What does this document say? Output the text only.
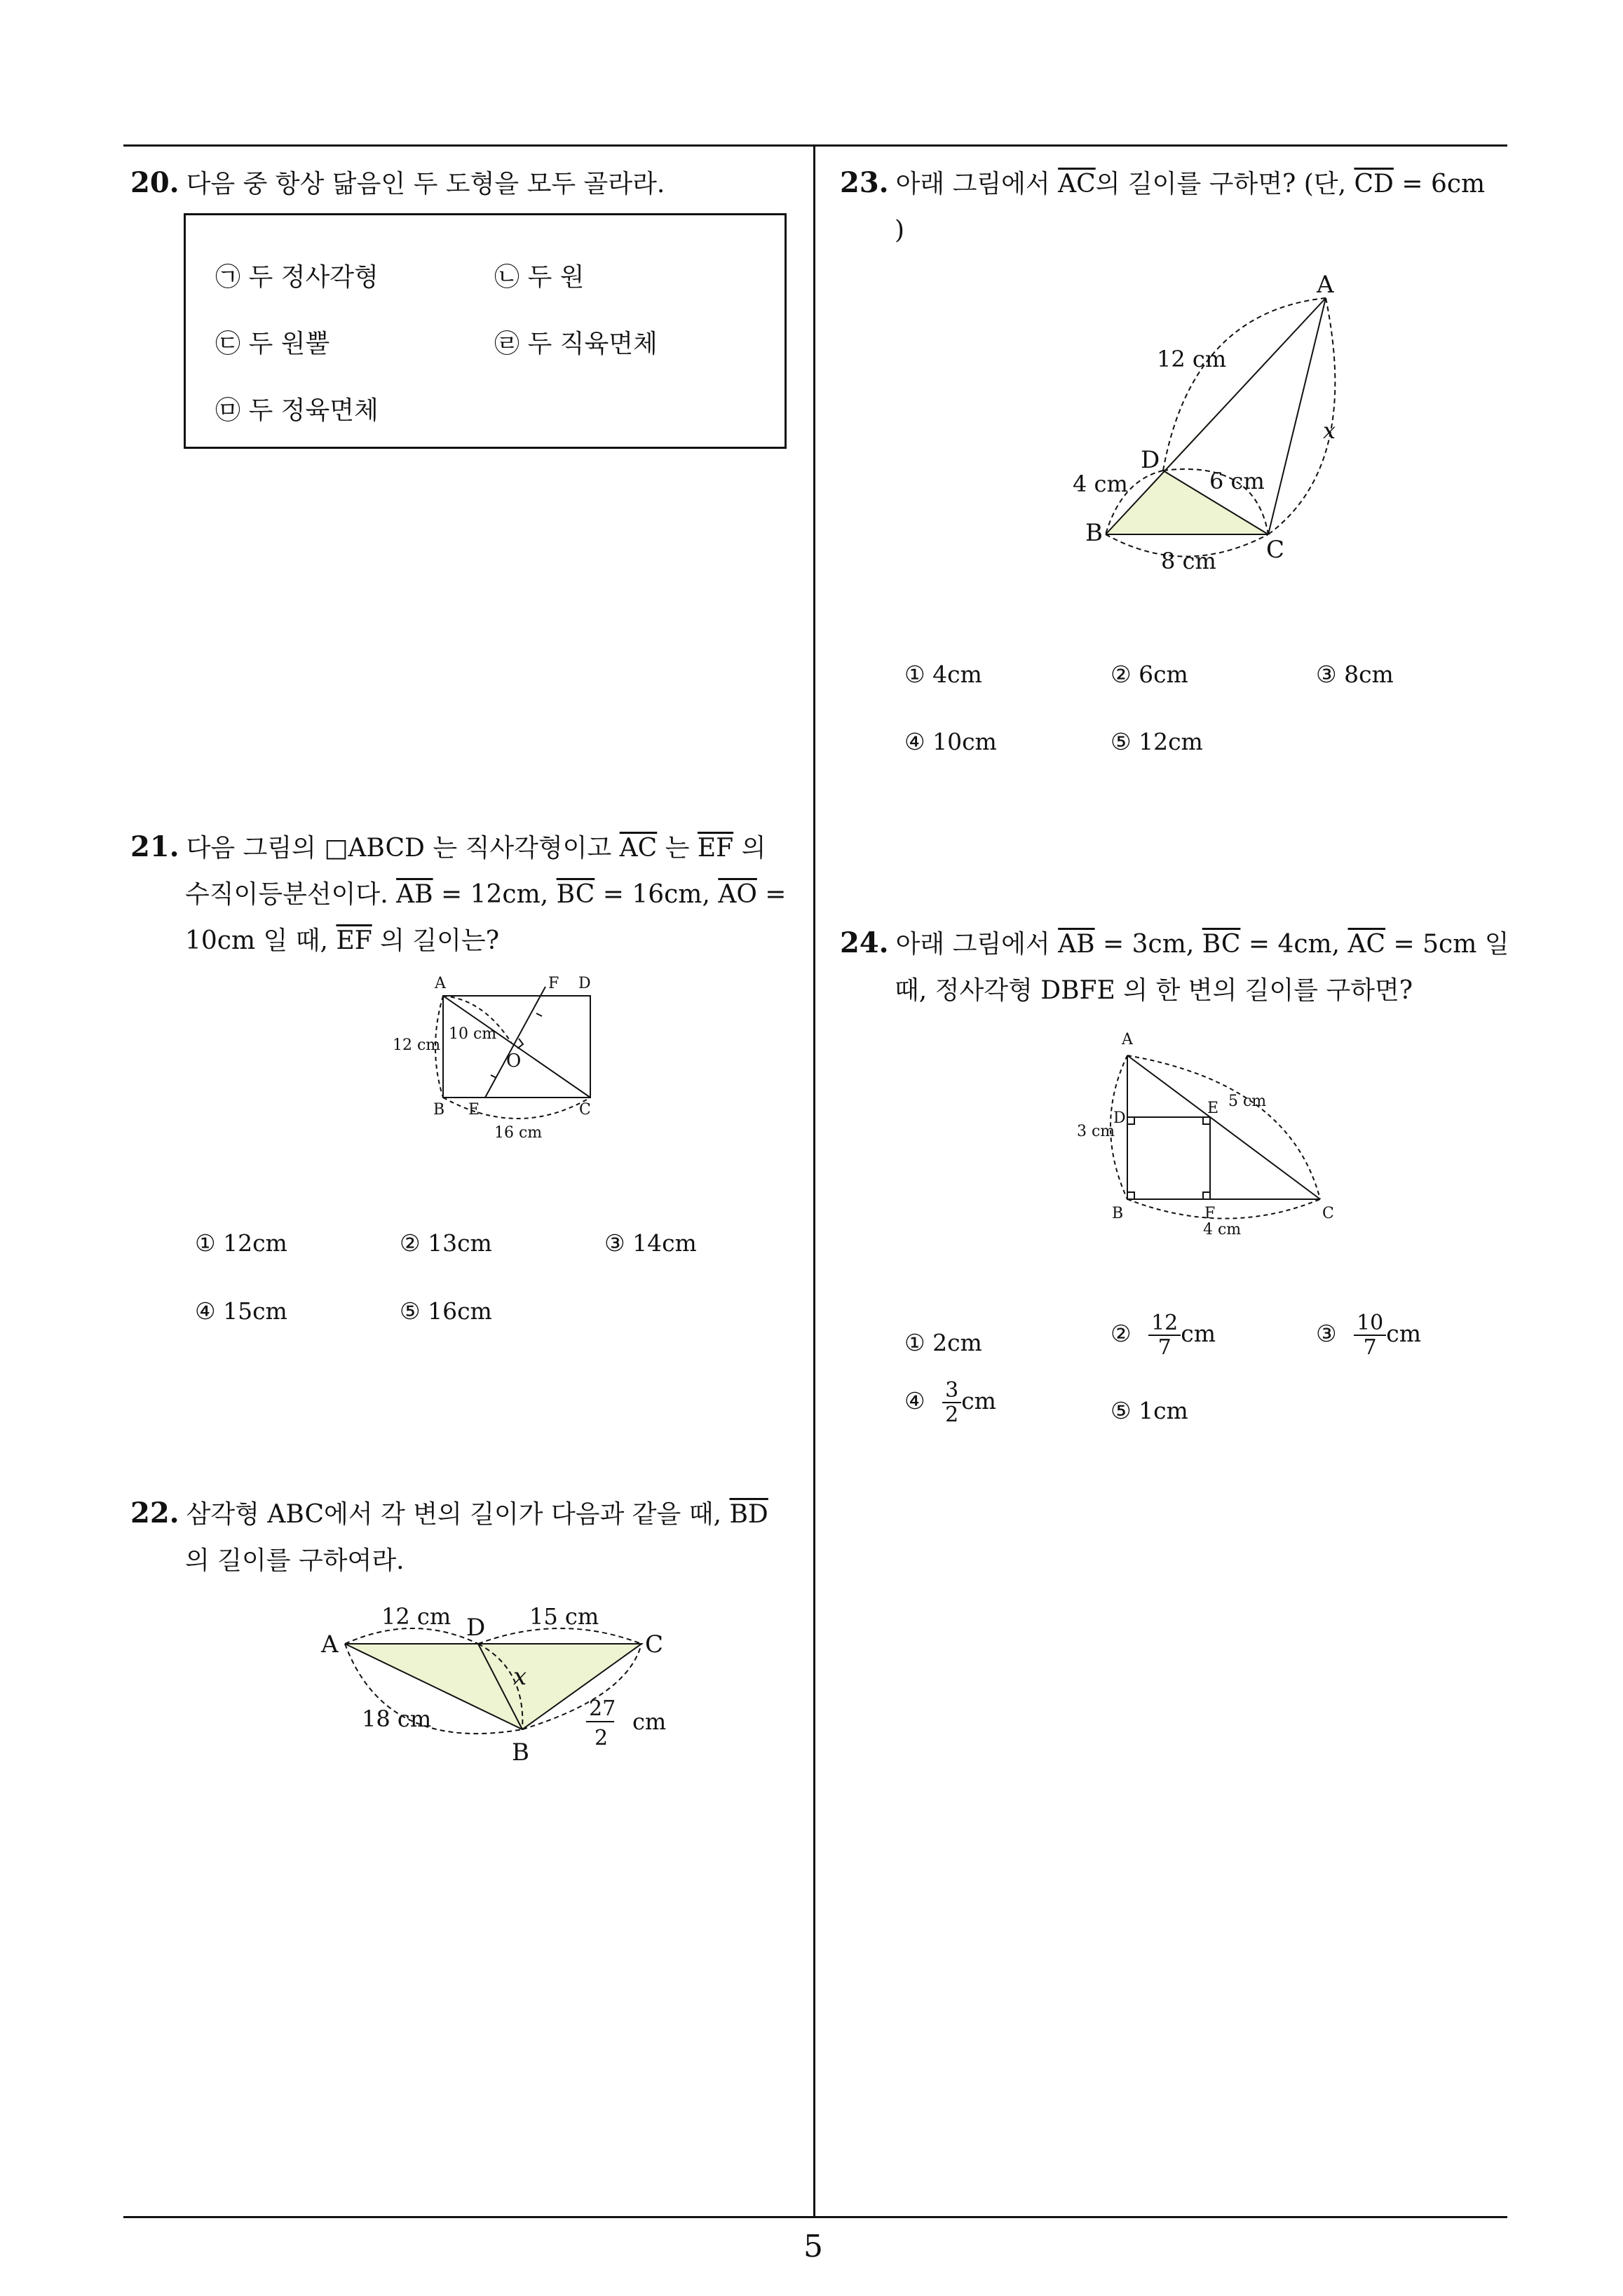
20. 다음 중 항상 닮음인 두 도형을 모두 골라라.
㉠ 두 정사각형	㉡ 두 원
㉢ 두 원뿔	㉣ 두 직육면체
㉤ 두 정육면체
21. 다음 그림의 □ABCD 는 직사각형이고 $\overline{AC}$ 는 $\overline{EF}$ 의
수직이등분선이다. $\overline{AB} = 12cm$, $\overline{BC} = 16cm$, $\overline{AO}$ =
10cm 일 때, $\overline{EF}$ 의 길이는?
A	F D
B E	C
O
12 cm
10 cm
16 cm
① 12cm	② 13cm	③ 14cm
④ 15cm	⑤ 16cm
22. 삼각형 ABC에서 각 변의 길이가 다음과 같을 때, $\overline{BD}$
의 길이를 구하여라.
A
D
C
B
12 cm	15 cm
x
18 cm	27
2
cm
23. 아래 그림에서 $\overline{AC}$의 길이를 구하면? (단, $\overline{CD} = 6cm$
)
A
D
B
C
12 cm
4 cm	6 cm
8 cm
x
① 4cm	② 6cm	③ 8cm
④ 10cm	⑤ 12cm
24. 아래 그림에서 $\overline{AB} = 3cm$, $\overline{BC} = 4cm$, $\overline{AC} = 5cm$ 일
때, 정사각형 DBFE 의 한 변의 길이를 구하면?
A
D
E
B	F	C
3 cm
5 cm
4 cm
① 2cm	② $\frac{12}{7}$ cm	③ $\frac{10}{7}$ cm
④ $\frac{3}{2}$ cm	⑤ 1cm
5
